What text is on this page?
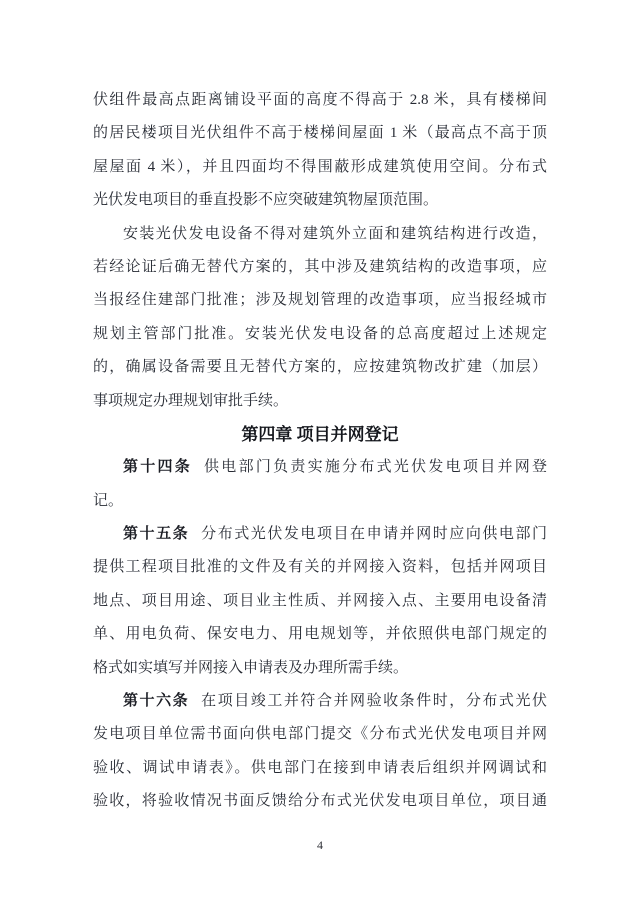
伏组件最高点距离铺设平面的高度不得高于 2.8 米，具有楼梯间
的居民楼项目光伏组件不高于楼梯间屋面 1 米（最高点不高于顶
屋屋面 4 米），并且四面均不得围蔽形成建筑使用空间。分布式
光伏发电项目的垂直投影不应突破建筑物屋顶范围。
安装光伏发电设备不得对建筑外立面和建筑结构进行改造，
若经论证后确无替代方案的，其中涉及建筑结构的改造事项，应
当报经住建部门批准；涉及规划管理的改造事项，应当报经城市
规划主管部门批准。安装光伏发电设备的总高度超过上述规定
的，确属设备需要且无替代方案的，应按建筑物改扩建（加层）
事项规定办理规划审批手续。
第四章 项目并网登记
第十四条 供电部门负责实施分布式光伏发电项目并网登
记。
第十五条 分布式光伏发电项目在申请并网时应向供电部门
提供工程项目批准的文件及有关的并网接入资料，包括并网项目
地点、项目用途、项目业主性质、并网接入点、主要用电设备清
单、用电负荷、保安电力、用电规划等，并依照供电部门规定的
格式如实填写并网接入申请表及办理所需手续。
第十六条 在项目竣工并符合并网验收条件时，分布式光伏
发电项目单位需书面向供电部门提交《分布式光伏发电项目并网
验收、调试申请表》。供电部门在接到申请表后组织并网调试和
验收，将验收情况书面反馈给分布式光伏发电项目单位，项目通
4
